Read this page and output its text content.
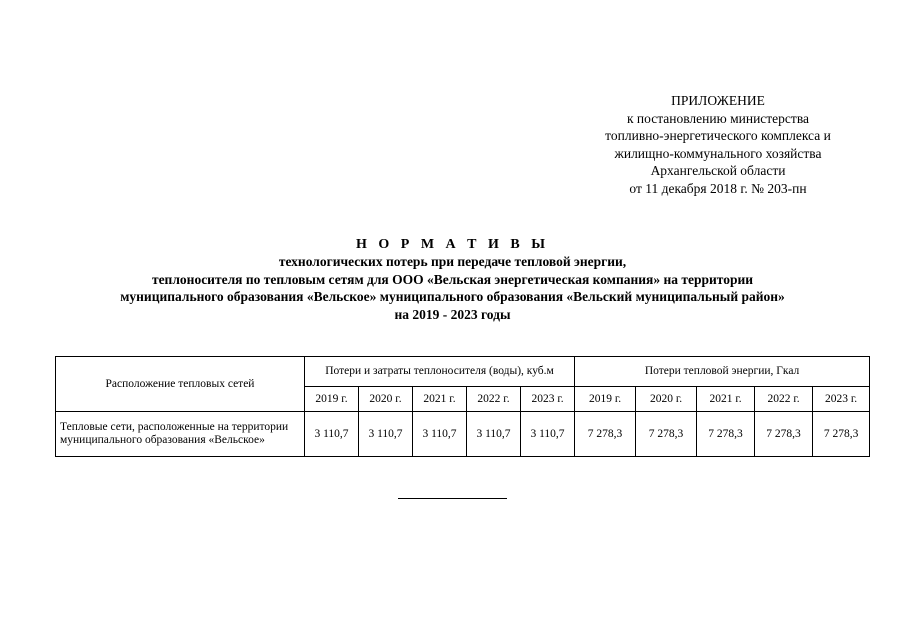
ПРИЛОЖЕНИЕ
к постановлению министерства
топливно-энергетического комплекса и
жилищно-коммунального хозяйства
Архангельской области
от 11 декабря 2018 г. № 203-пн
Н О Р М А Т И В Ы
технологических потерь при передаче тепловой энергии,
теплоносителя по тепловым сетям для ООО «Вельская энергетическая компания» на территории
муниципального образования «Вельское» муниципального образования «Вельский муниципальный район»
на 2019 - 2023 годы
Расположение тепловых сетей	Потери и затраты теплоносителя (воды), куб.м					Потери тепловой энергии, Гкал				
	2019 г.	2020 г.	2021 г.	2022 г.	2023 г.	2019 г.	2020 г.	2021 г.	2022 г.	2023 г.
Тепловые сети, расположенные на территории муниципального образования «Вельское»	3 110,7	3 110,7	3 110,7	3 110,7	3 110,7	7 278,3	7 278,3	7 278,3	7 278,3	7 278,3
